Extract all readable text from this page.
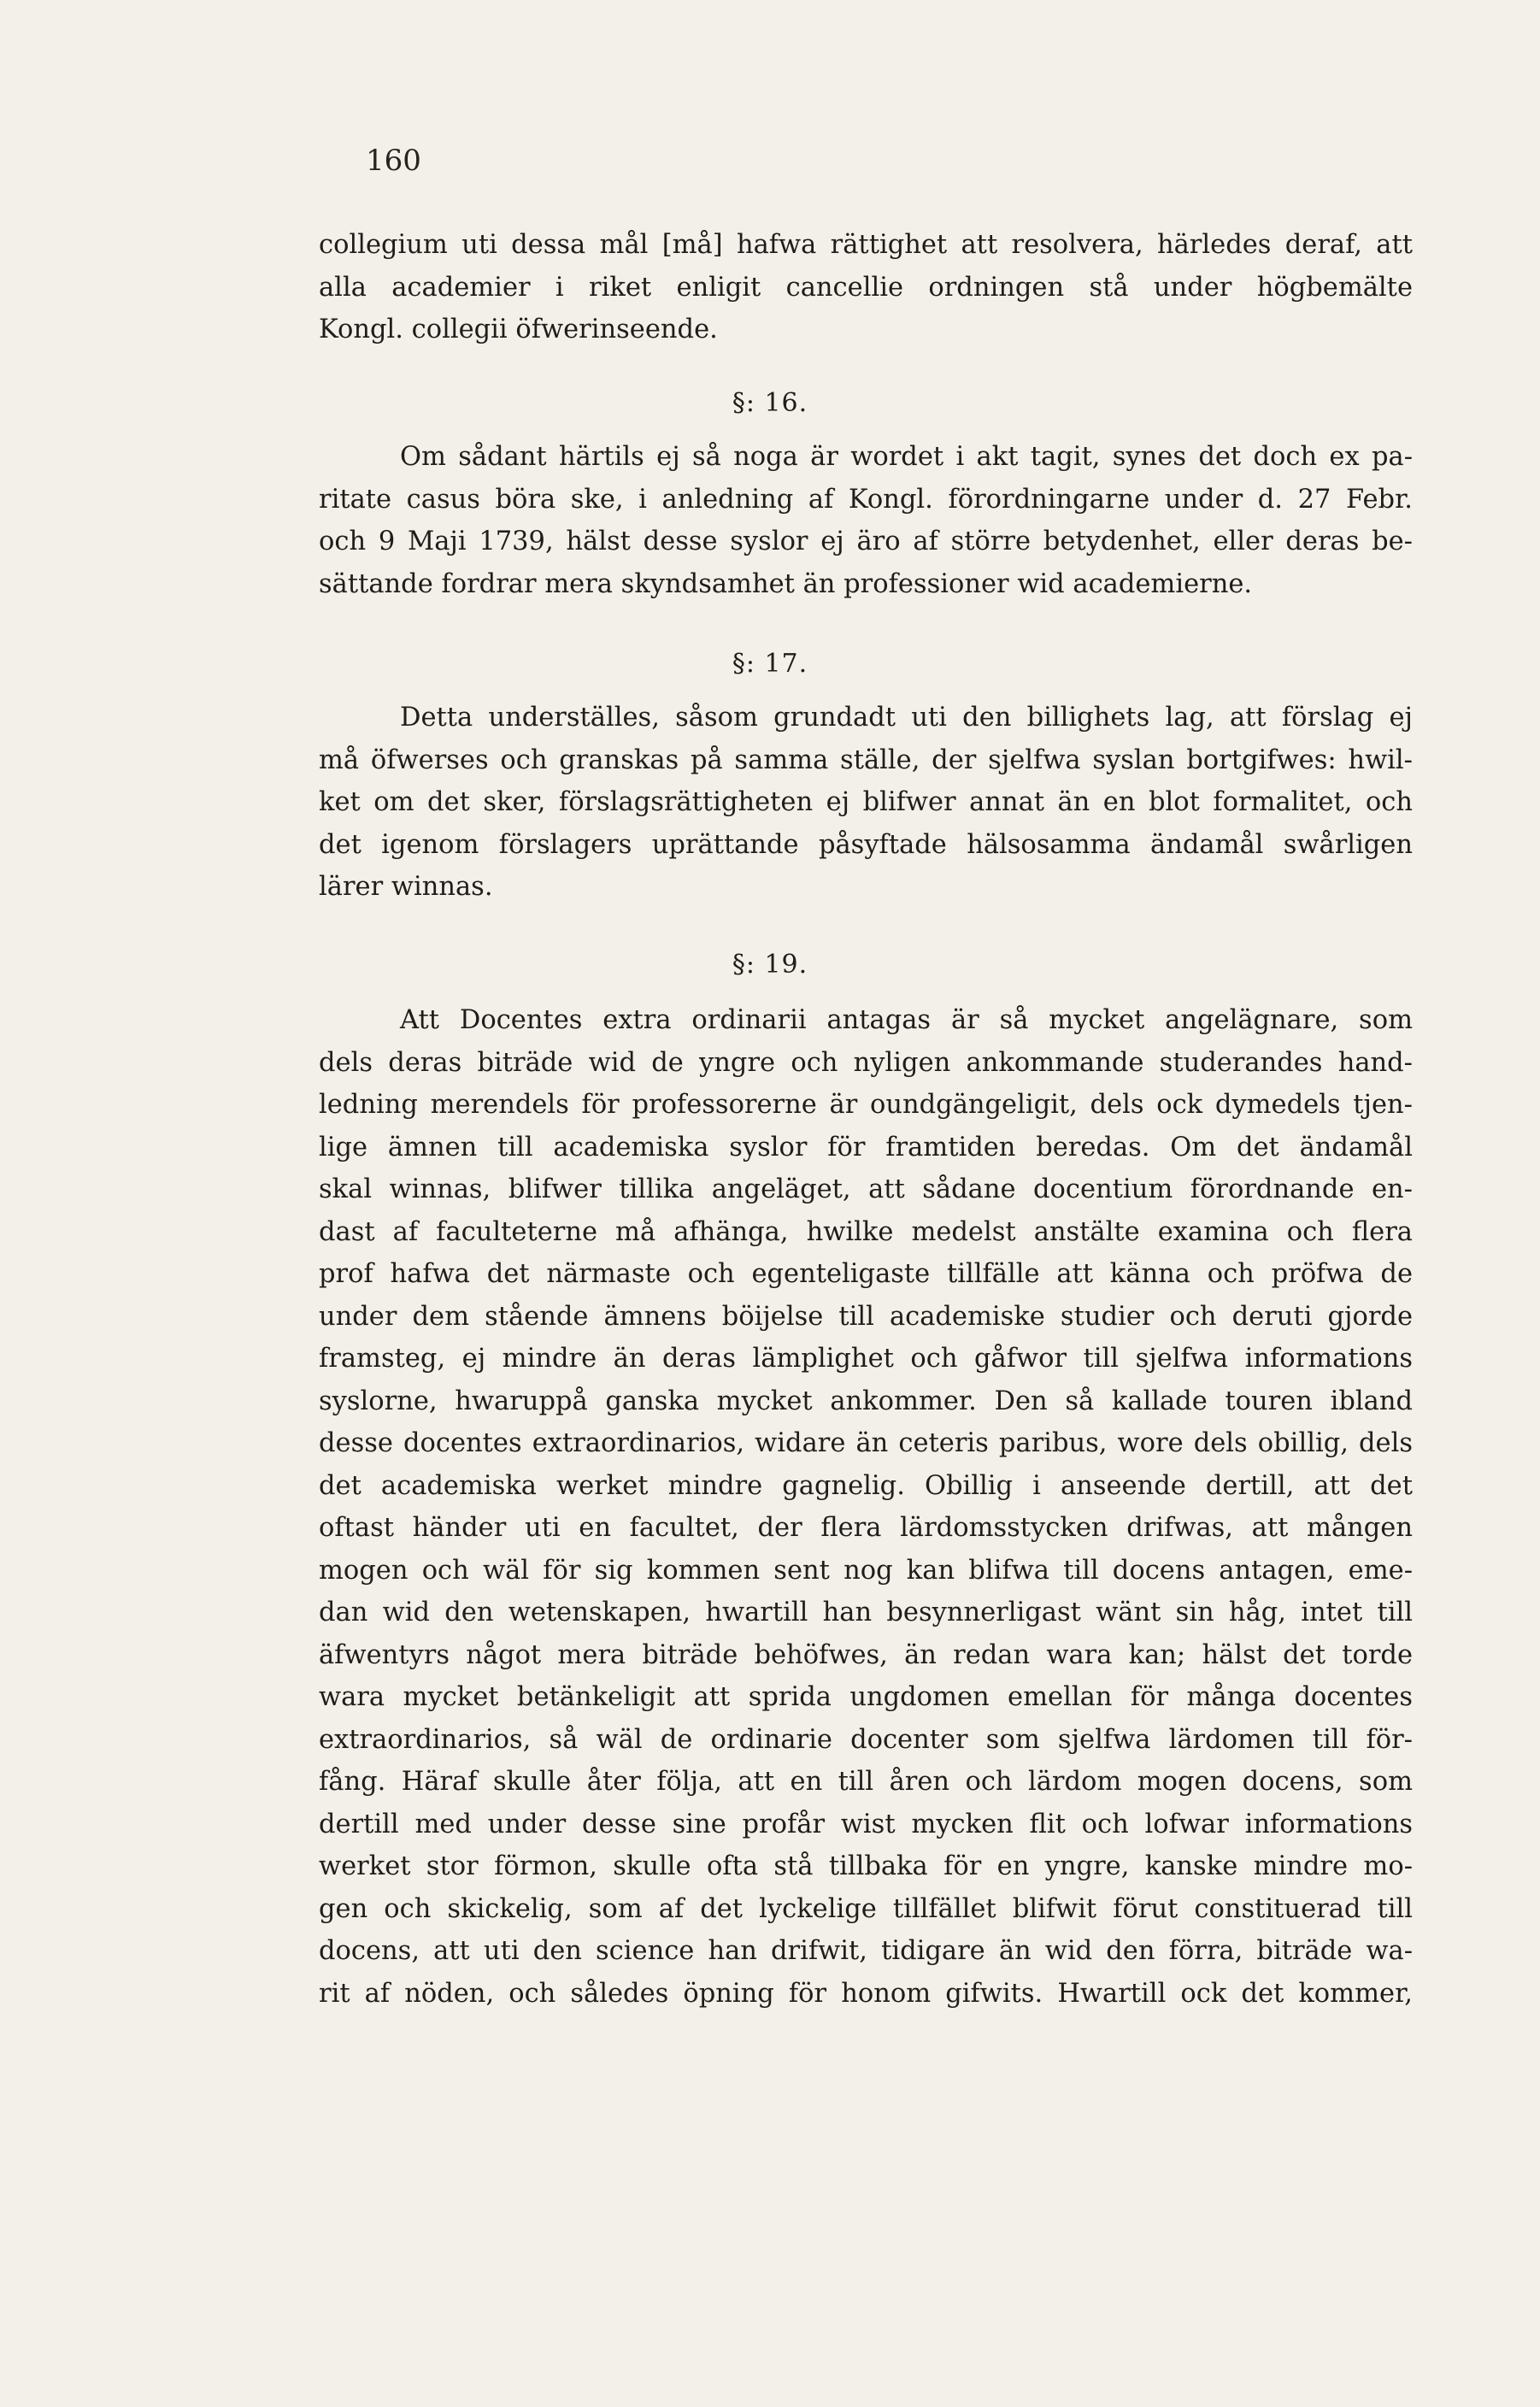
160
collegium uti dessa mål [må] hafwa rättighet att resolvera, härledes deraf, att
alla academier i riket enligit cancellie ordningen stå under högbemälte
Kongl. collegii öfwerinseende.
§: 16.
Om sådant härtils ej så noga är wordet i akt tagit, synes det doch ex pa-
ritate casus böra ske, i anledning af Kongl. förordningarne under d. 27 Febr.
och 9 Maji 1739, hälst desse syslor ej äro af större betydenhet, eller deras be-
sättande fordrar mera skyndsamhet än professioner wid academierne.
§: 17.
Detta underställes, såsom grundadt uti den billighets lag, att förslag ej
må öfwerses och granskas på samma ställe, der sjelfwa syslan bortgifwes: hwil-
ket om det sker, förslagsrättigheten ej blifwer annat än en blot formalitet, och
det igenom förslagers uprättande påsyftade hälsosamma ändamål swårligen
lärer winnas.
§: 19.
Att Docentes extra ordinarii antagas är så mycket angelägnare, som
dels deras biträde wid de yngre och nyligen ankommande studerandes hand-
ledning merendels för professorerne är oundgängeligit, dels ock dymedels tjen-
lige ämnen till academiska syslor för framtiden beredas. Om det ändamål
skal winnas, blifwer tillika angeläget, att sådane docentium förordnande en-
dast af faculteterne må afhänga, hwilke medelst anstälte examina och flera
prof hafwa det närmaste och egenteligaste tillfälle att känna och pröfwa de
under dem stående ämnens böijelse till academiske studier och deruti gjorde
framsteg, ej mindre än deras lämplighet och gåfwor till sjelfwa informations
syslorne, hwaruppå ganska mycket ankommer. Den så kallade touren ibland
desse docentes extraordinarios, widare än ceteris paribus, wore dels obillig, dels
det academiska werket mindre gagnelig. Obillig i anseende dertill, att det
oftast händer uti en facultet, der flera lärdomsstycken drifwas, att mången
mogen och wäl för sig kommen sent nog kan blifwa till docens antagen, eme-
dan wid den wetenskapen, hwartill han besynnerligast wänt sin håg, intet till
äfwentyrs något mera biträde behöfwes, än redan wara kan; hälst det torde
wara mycket betänkeligit att sprida ungdomen emellan för många docentes
extraordinarios, så wäl de ordinarie docenter som sjelfwa lärdomen till för-
fång. Häraf skulle åter följa, att en till åren och lärdom mogen docens, som
dertill med under desse sine profår wist mycken flit och lofwar informations
werket stor förmon, skulle ofta stå tillbaka för en yngre, kanske mindre mo-
gen och skickelig, som af det lyckelige tillfället blifwit förut constituerad till
docens, att uti den science han drifwit, tidigare än wid den förra, biträde wa-
rit af nöden, och således öpning för honom gifwits. Hwartill ock det kommer,
